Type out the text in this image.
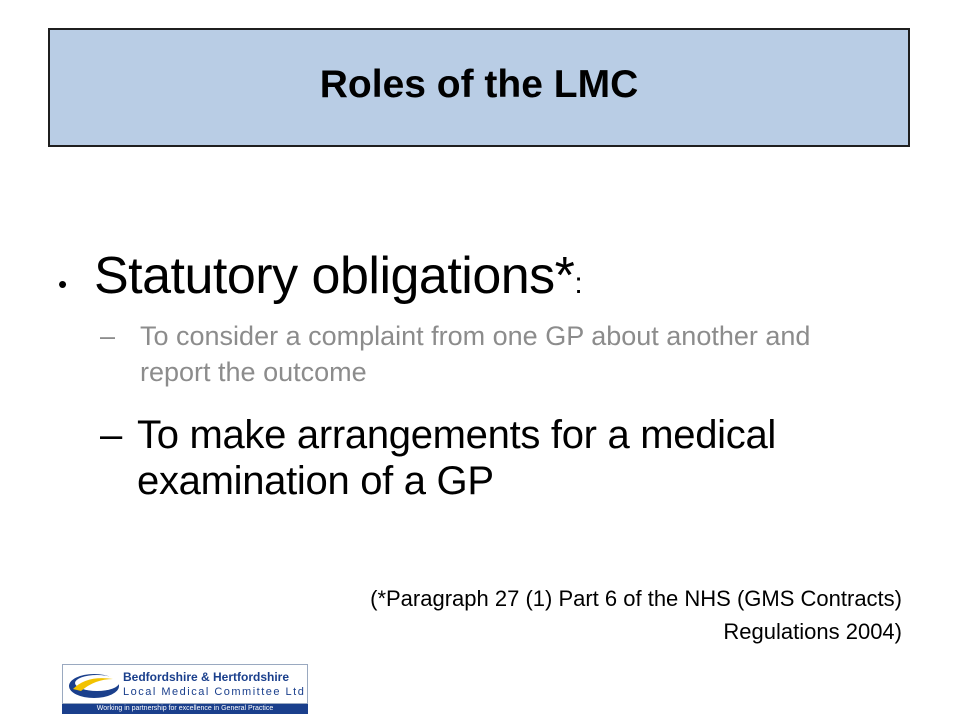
Roles of the LMC
• Statutory obligations* :
– To consider a complaint from one GP about another and report the outcome
– To make arrangements for a medical examination of a GP
(*Paragraph 27 (1) Part 6 of the NHS (GMS Contracts)
Regulations 2004)
Bedfordshire & Hertfordshire
Local Medical Committee Ltd
Working in partnership for excellence in General Practice
